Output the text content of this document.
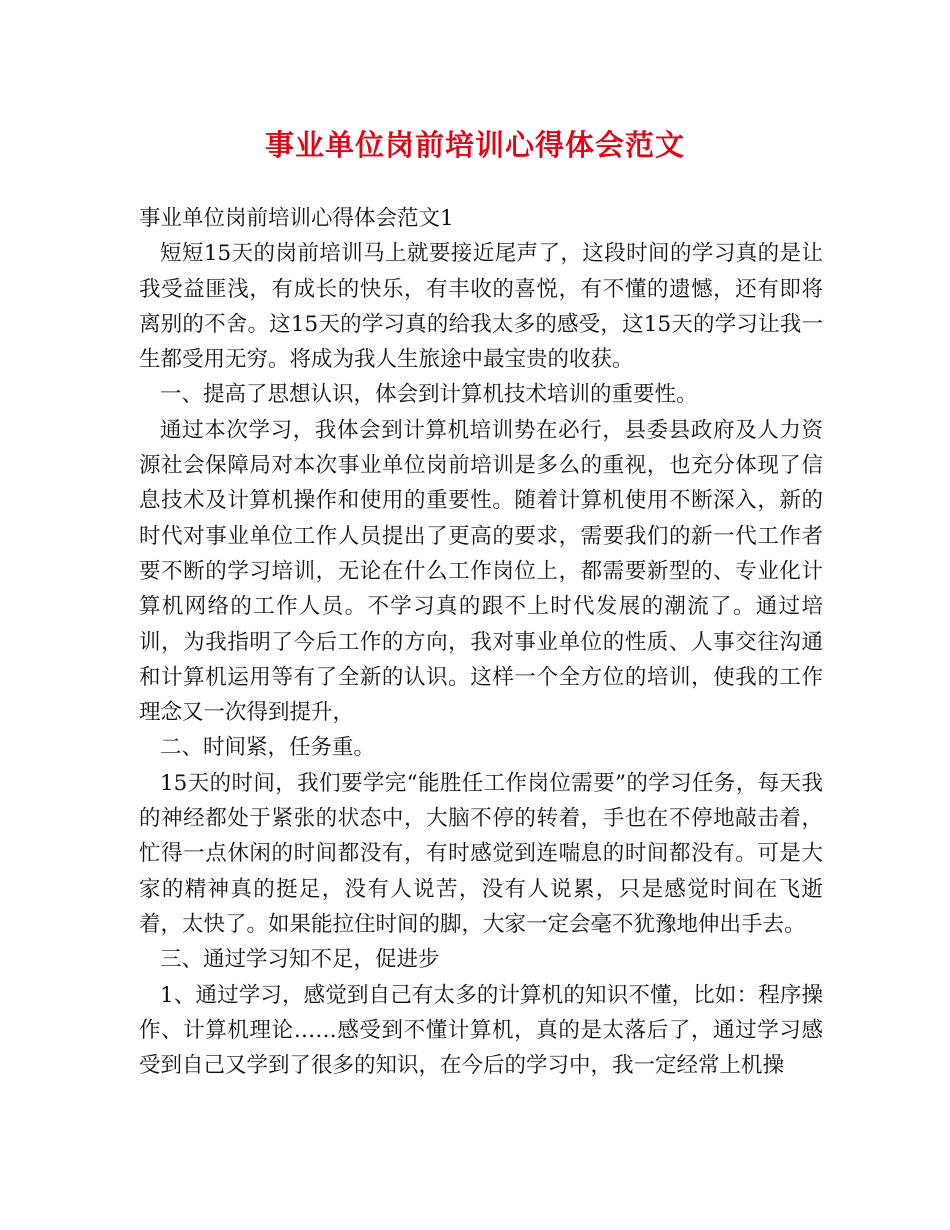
事业单位岗前培训心得体会范文

事业单位岗前培训心得体会范文1

短短15天的岗前培训马上就要接近尾声了，这段时间的学习真的是让我受益匪浅，有成长的快乐，有丰收的喜悦，有不懂的遗憾，还有即将离别的不舍。这15天的学习真的给我太多的感受，这15天的学习让我一生都受用无穷。将成为我人生旅途中最宝贵的收获。

一、提高了思想认识，体会到计算机技术培训的重要性。

通过本次学习，我体会到计算机培训势在必行，县委县政府及人力资源社会保障局对本次事业单位岗前培训是多么的重视，也充分体现了信息技术及计算机操作和使用的重要性。随着计算机使用不断深入，新的时代对事业单位工作人员提出了更高的要求，需要我们的新一代工作者要不断的学习培训，无论在什么工作岗位上，都需要新型的、专业化计算机网络的工作人员。不学习真的跟不上时代发展的潮流了。通过培训，为我指明了今后工作的方向，我对事业单位的性质、人事交往沟通和计算机运用等有了全新的认识。这样一个全方位的培训，使我的工作理念又一次得到提升，

二、时间紧，任务重。

15天的时间，我们要学完“能胜任工作岗位需要”的学习任务，每天我的神经都处于紧张的状态中，大脑不停的转着，手也在不停地敲击着，忙得一点休闲的时间都没有，有时感觉到连喘息的时间都没有。可是大家的精神真的挺足，没有人说苦，没有人说累，只是感觉时间在飞逝着，太快了。如果能拉住时间的脚，大家一定会毫不犹豫地伸出手去。

三、通过学习知不足，促进步

1、通过学习，感觉到自己有太多的计算机的知识不懂，比如：程序操作、计算机理论……感受到不懂计算机，真的是太落后了，通过学习感受到自己又学到了很多的知识，在今后的学习中，我一定经常上机操
